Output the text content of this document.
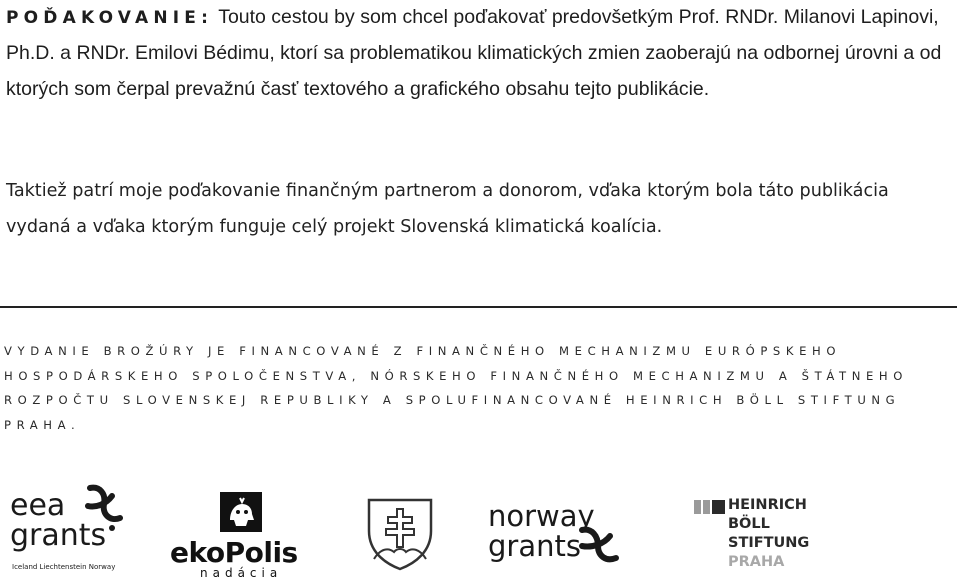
POĎAKOVANIE: Touto cestou by som chcel poďakovať predovšetkým Prof. RNDr. Milanovi Lapinovi, Ph.D. a RNDr. Emilovi Bédimu, ktorí sa problematikou klimatických zmien zaoberajú na odbornej úrovni a od ktorých som čerpal prevažnú časť textového a grafického obsahu tejto publikácie.

Taktiež patrí moje poďakovanie finančným partnerom a donorom, vďaka ktorým bola táto publikácia vydaná a vďaka ktorým funguje celý projekt Slovenská klimatická koalícia.

VYDANIE BROŽÚRY JE FINANCOVANÉ Z FINANČNÉHO MECHANIZMU EURÓPSKEHO HOSPODÁRSKEHO SPOLOČENSTVA, NÓRSKEHO FINANČNÉHO MECHANIZMU A ŠTÁTNEHO ROZPOČTU SLOVENSKEJ REPUBLIKY A SPOLUFINANCOVANÉ HEINRICH BÖLL STIFTUNG PRAHA.

eea
grants
Iceland Liechtenstein Norway ekoPolis
nadácia
norway
grants
HEINRICH
BÖLL
STIFTUNG
PRAHA
